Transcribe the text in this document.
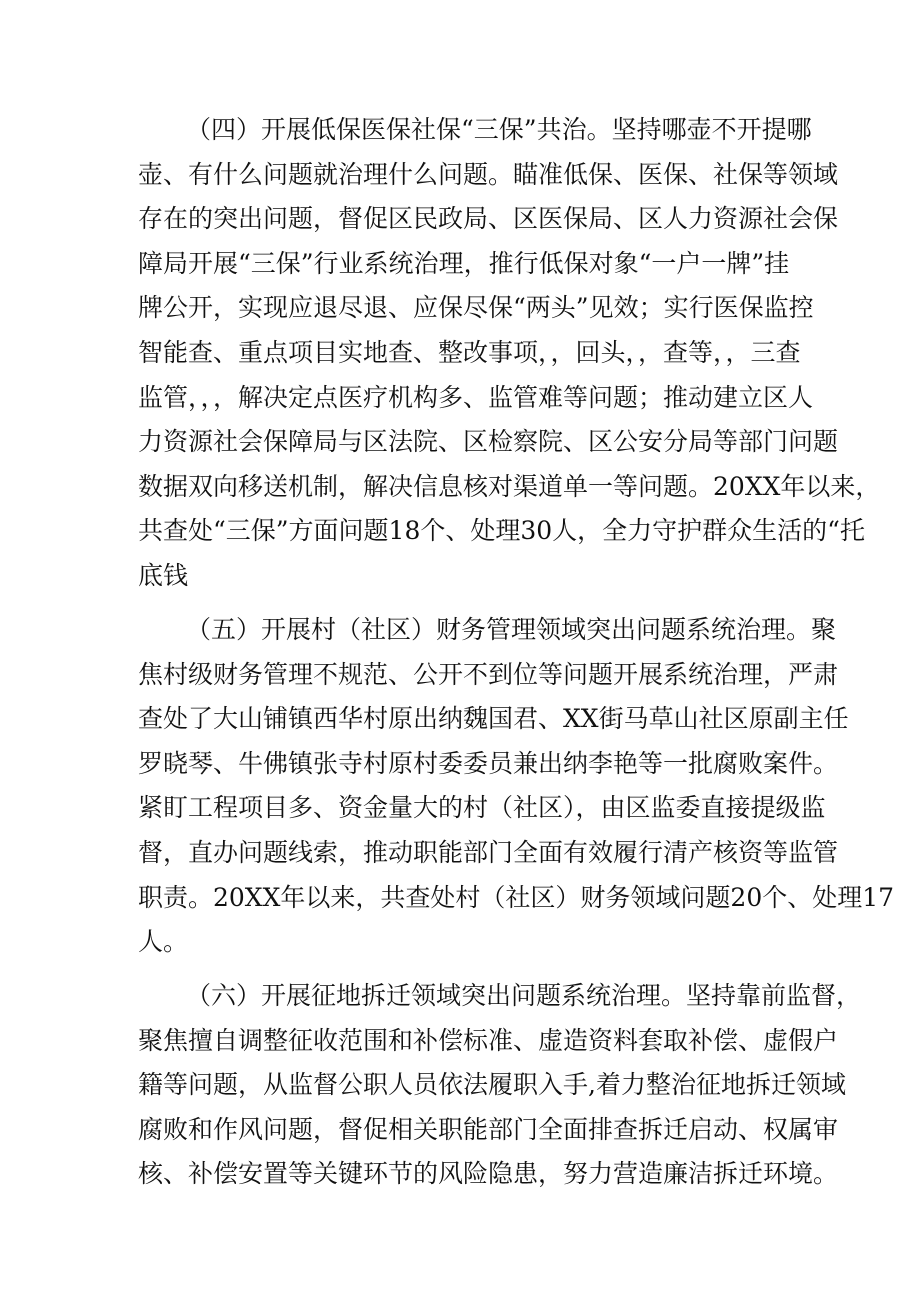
（四）开展低保医保社保“三保”共治。坚持哪壶不开提哪
壶、有什么问题就治理什么问题。瞄准低保、医保、社保等领域
存在的突出问题，督促区民政局、区医保局、区人力资源社会保
障局开展“三保”行业系统治理，推行低保对象“一户一牌”挂
牌公开，实现应退尽退、应保尽保“两头”见效；实行医保监控
智能查、重点项目实地查、整改事项，，回头，，查等，，三查
监管，，，解决定点医疗机构多、监管难等问题；推动建立区人
力资源社会保障局与区法院、区检察院、区公安分局等部门问题
数据双向移送机制，解决信息核对渠道单一等问题。20XX年以来，
共查处“三保”方面问题18个、处理30人，全力守护群众生活的“托
底钱
（五）开展村（社区）财务管理领域突出问题系统治理。聚
焦村级财务管理不规范、公开不到位等问题开展系统治理，严肃
查处了大山铺镇西华村原出纳魏国君、XX街马草山社区原副主任
罗晓琴、牛佛镇张寺村原村委委员兼出纳李艳等一批腐败案件。
紧盯工程项目多、资金量大的村（社区），由区监委直接提级监
督，直办问题线索，推动职能部门全面有效履行清产核资等监管
职责。20XX年以来，共查处村（社区）财务领域问题20个、处理17
人。
（六）开展征地拆迁领域突出问题系统治理。坚持靠前监督，
聚焦擅自调整征收范围和补偿标准、虚造资料套取补偿、虚假户
籍等问题，从监督公职人员依法履职入手,着力整治征地拆迁领域
腐败和作风问题，督促相关职能部门全面排查拆迁启动、权属审
核、补偿安置等关键环节的风险隐患，努力营造廉洁拆迁环境。
